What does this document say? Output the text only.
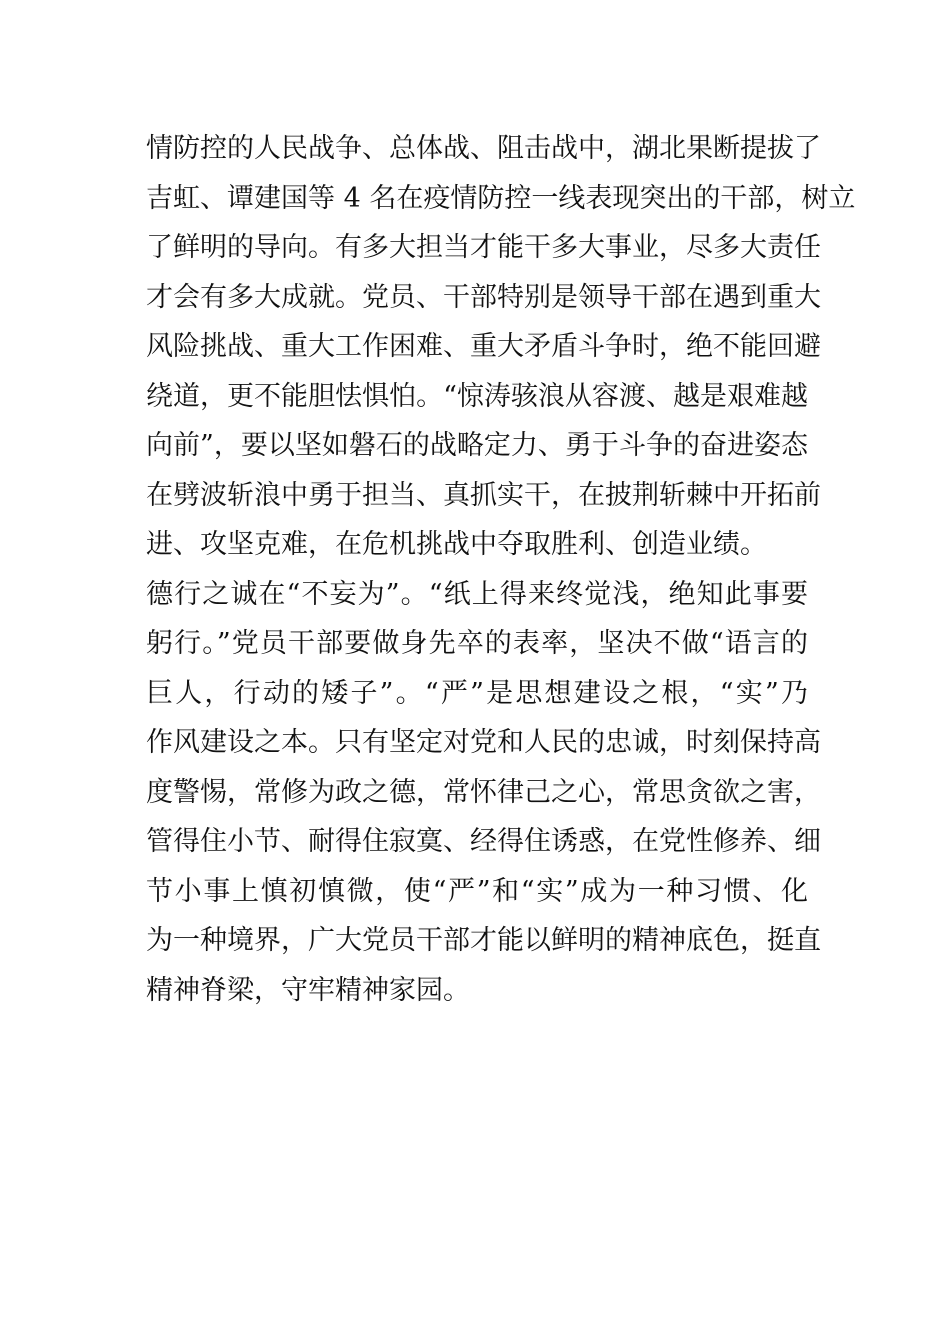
情防控的人民战争、总体战、阻击战中，湖北果断提拔了
吉虹、谭建国等 4 名在疫情防控一线表现突出的干部，树立
了鲜明的导向。有多大担当才能干多大事业，尽多大责任
才会有多大成就。党员、干部特别是领导干部在遇到重大
风险挑战、重大工作困难、重大矛盾斗争时，绝不能回避
绕道，更不能胆怯惧怕。“惊涛骇浪从容渡、越是艰难越
向前”，要以坚如磐石的战略定力、勇于斗争的奋进姿态
在劈波斩浪中勇于担当、真抓实干，在披荆斩棘中开拓前
进、攻坚克难，在危机挑战中夺取胜利、创造业绩。
德行之诚在“不妄为”。“纸上得来终觉浅，绝知此事要
躬行。”党员干部要做身先卒的表率，坚决不做“语言的
巨人，行动的矮子”。“严”是思想建设之根，“实”乃
作风建设之本。只有坚定对党和人民的忠诚，时刻保持高
度警惕，常修为政之德，常怀律己之心，常思贪欲之害，
管得住小节、耐得住寂寞、经得住诱惑，在党性修养、细
节小事上慎初慎微，使“严”和“实”成为一种习惯、化
为一种境界，广大党员干部才能以鲜明的精神底色，挺直
精神脊梁，守牢精神家园。
